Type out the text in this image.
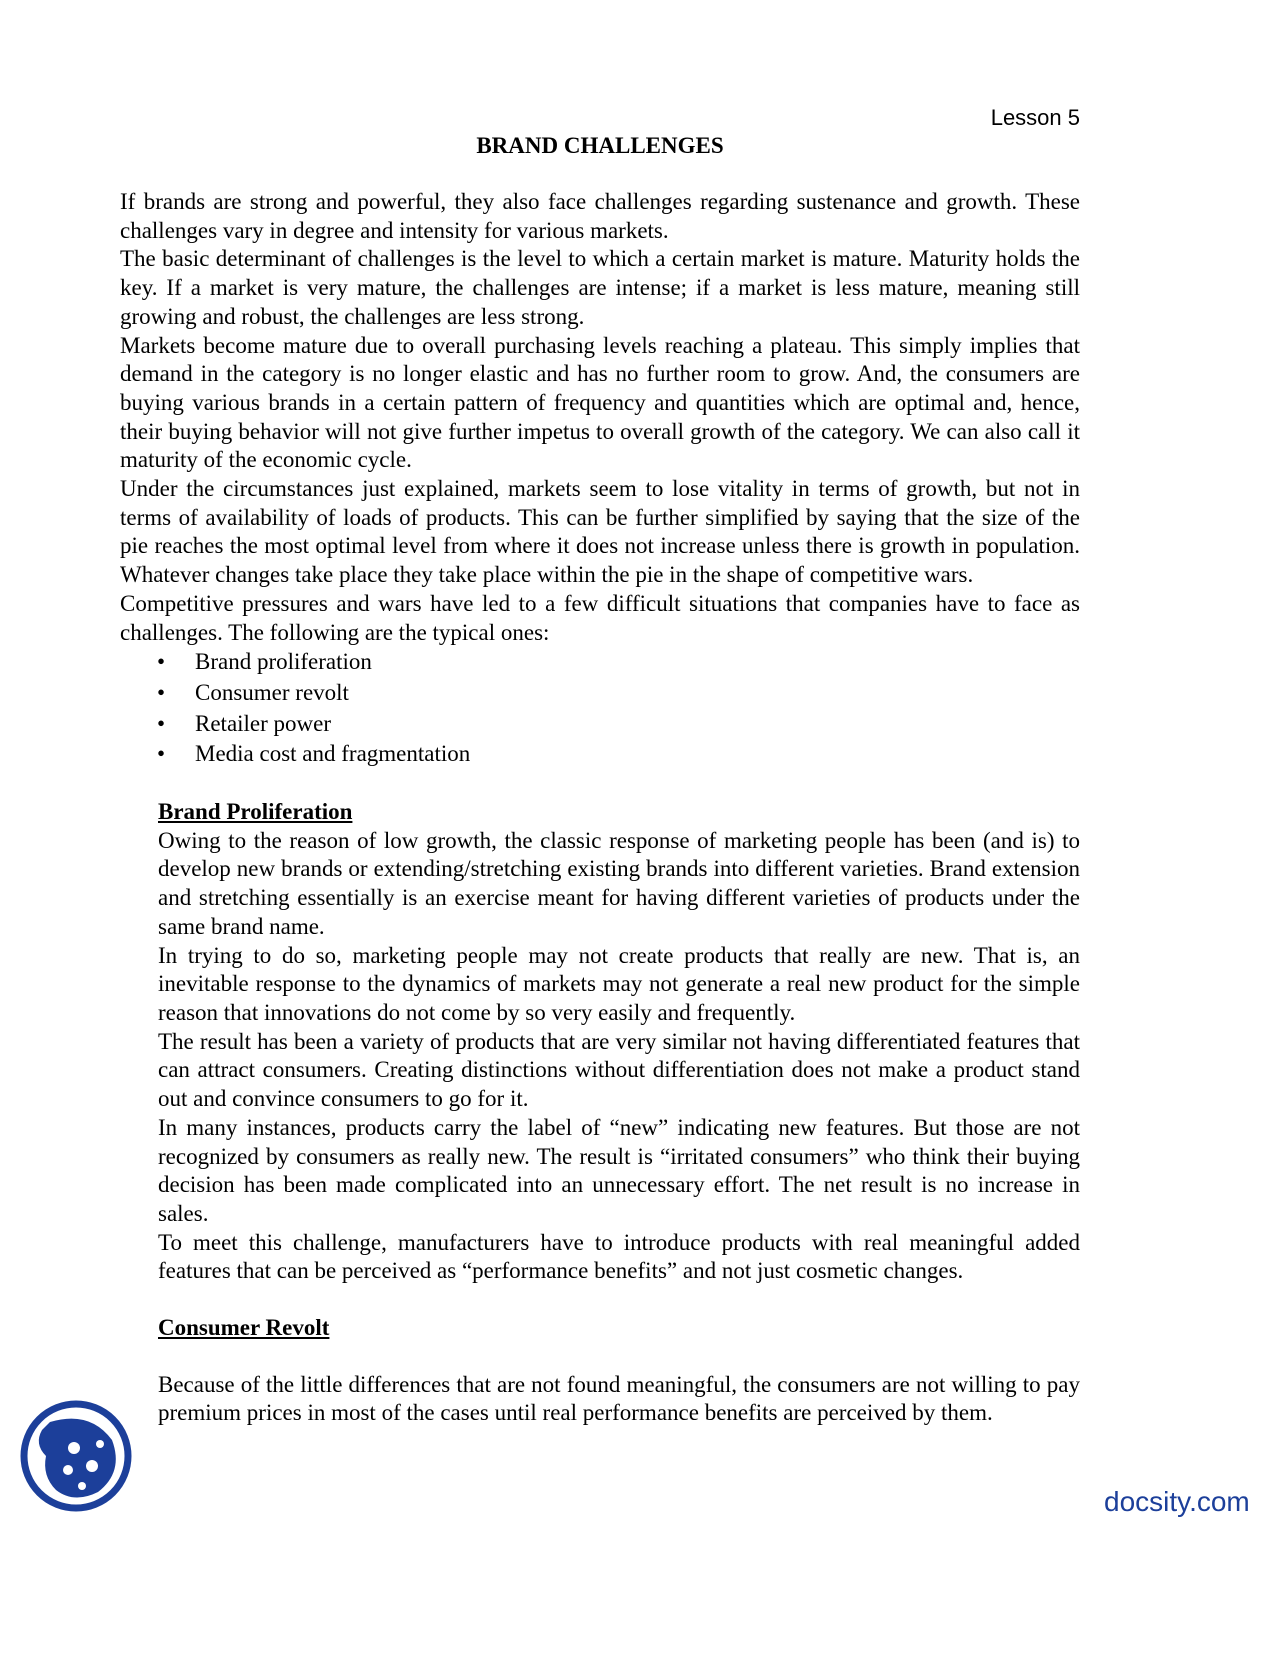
Lesson 5
BRAND CHALLENGES

If brands are strong and powerful, they also face challenges regarding sustenance and growth. These challenges vary in degree and intensity for various markets.

The basic determinant of challenges is the level to which a certain market is mature. Maturity holds the key. If a market is very mature, the challenges are intense; if a market is less mature, meaning still growing and robust, the challenges are less strong.

Markets become mature due to overall purchasing levels reaching a plateau. This simply implies that demand in the category is no longer elastic and has no further room to grow. And, the consumers are buying various brands in a certain pattern of frequency and quantities which are optimal and, hence, their buying behavior will not give further impetus to overall growth of the category. We can also call it maturity of the economic cycle.

Under the circumstances just explained, markets seem to lose vitality in terms of growth, but not in terms of availability of loads of products. This can be further simplified by saying that the size of the pie reaches the most optimal level from where it does not increase unless there is growth in population. Whatever changes take place they take place within the pie in the shape of competitive wars.

Competitive pressures and wars have led to a few difficult situations that companies have to face as challenges. The following are the typical ones:

• Brand proliferation
• Consumer revolt
• Retailer power
• Media cost and fragmentation

Brand Proliferation

Owing to the reason of low growth, the classic response of marketing people has been (and is) to develop new brands or extending/stretching existing brands into different varieties. Brand extension and stretching essentially is an exercise meant for having different varieties of products under the same brand name.

In trying to do so, marketing people may not create products that really are new. That is, an inevitable response to the dynamics of markets may not generate a real new product for the simple reason that innovations do not come by so very easily and frequently.

The result has been a variety of products that are very similar not having differentiated features that can attract consumers. Creating distinctions without differentiation does not make a product stand out and convince consumers to go for it.

In many instances, products carry the label of “new” indicating new features. But those are not recognized by consumers as really new. The result is “irritated consumers” who think their buying decision has been made complicated into an unnecessary effort. The net result is no increase in sales.

To meet this challenge, manufacturers have to introduce products with real meaningful added features that can be perceived as “performance benefits” and not just cosmetic changes.

Consumer Revolt

Because of the little differences that are not found meaningful, the consumers are not willing to pay premium prices in most of the cases until real performance benefits are perceived by them.

docsity.com
